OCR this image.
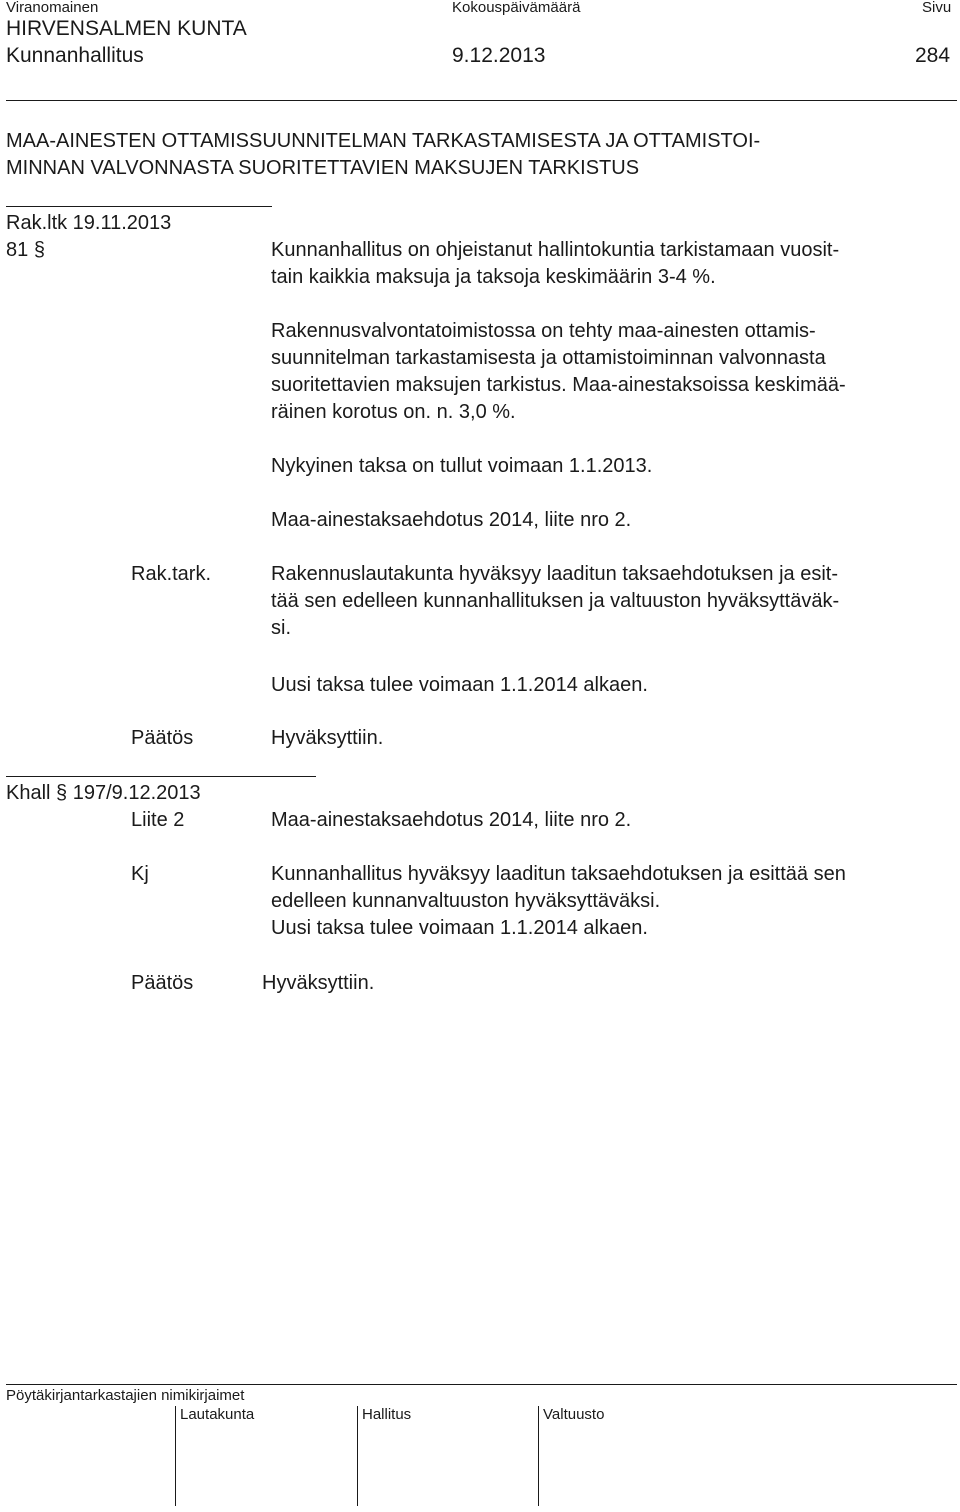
Viranomainen	Kokouspäivämäärä	Sivu
HIRVENSALMEN KUNTA
Kunnanhallitus	9.12.2013	284
MAA-AINESTEN OTTAMISSUUNNITELMAN TARKASTAMISESTA JA OTTAMISTOI-
MINNAN VALVONNASTA SUORITETTAVIEN MAKSUJEN TARKISTUS
Rak.ltk 19.11.2013
81 §	Kunnanhallitus on ohjeistanut hallintokuntia tarkistamaan vuosit-
tain kaikkia maksuja ja taksoja keskimäärin 3-4 %.
Rakennusvalvontatoimistossa on tehty maa-ainesten ottamis-
suunnitelman tarkastamisesta ja ottamistoiminnan valvonnasta
suoritettavien maksujen tarkistus. Maa-ainestaksoissa keskimää-
räinen korotus on. n. 3,0 %.
Nykyinen taksa on tullut voimaan 1.1.2013.
Maa-ainestaksaehdotus 2014, liite nro 2.
Rak.tark.	Rakennuslautakunta hyväksyy laaditun taksaehdotuksen ja esit-
tää sen edelleen kunnanhallituksen ja valtuuston hyväksyttäväk-
si.
Uusi taksa tulee voimaan 1.1.2014 alkaen.
Päätös	Hyväksyttiin.
Khall § 197/9.12.2013
Liite 2	Maa-ainestaksaehdotus 2014, liite nro 2.
Kj	Kunnanhallitus hyväksyy laaditun taksaehdotuksen ja esittää sen
edelleen kunnanvaltuuston hyväksyttäväksi.
Uusi taksa tulee voimaan 1.1.2014 alkaen.
Päätös	Hyväksyttiin.
Pöytäkirjantarkastajien nimikirjaimet
Lautakunta	Hallitus	Valtuusto
